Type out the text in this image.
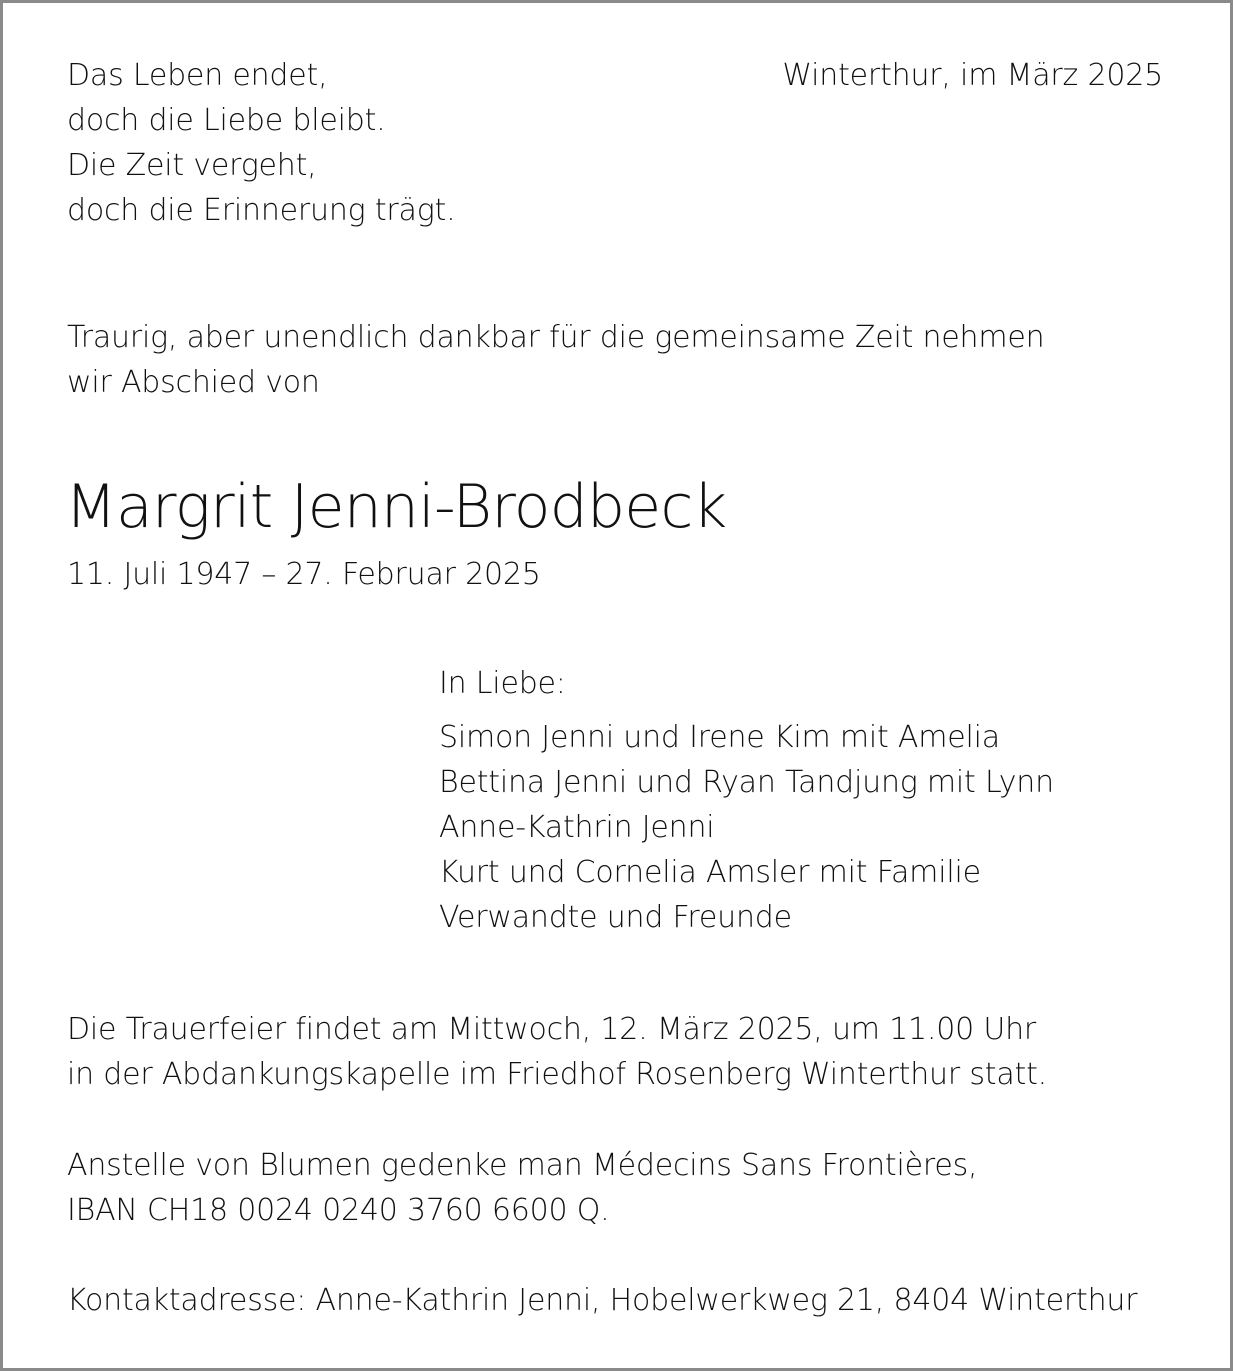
Das Leben endet,
doch die Liebe bleibt.
Die Zeit vergeht,
doch die Erinnerung trägt.
Winterthur, im März 2025
Traurig, aber unendlich dankbar für die gemeinsame Zeit nehmen
wir Abschied von
Margrit Jenni-Brodbeck
11. Juli 1947 – 27. Februar 2025
In Liebe:
Simon Jenni und Irene Kim mit Amelia
Bettina Jenni und Ryan Tandjung mit Lynn
Anne-Kathrin Jenni
Kurt und Cornelia Amsler mit Familie
Verwandte und Freunde
Die Trauerfeier findet am Mittwoch, 12. März 2025, um 11.00 Uhr
in der Abdankungskapelle im Friedhof Rosenberg Winterthur statt.
Anstelle von Blumen gedenke man Médecins Sans Frontières,
IBAN CH18 0024 0240 3760 6600 Q.
Kontaktadresse: Anne-Kathrin Jenni, Hobelwerkweg 21, 8404 Winterthur
